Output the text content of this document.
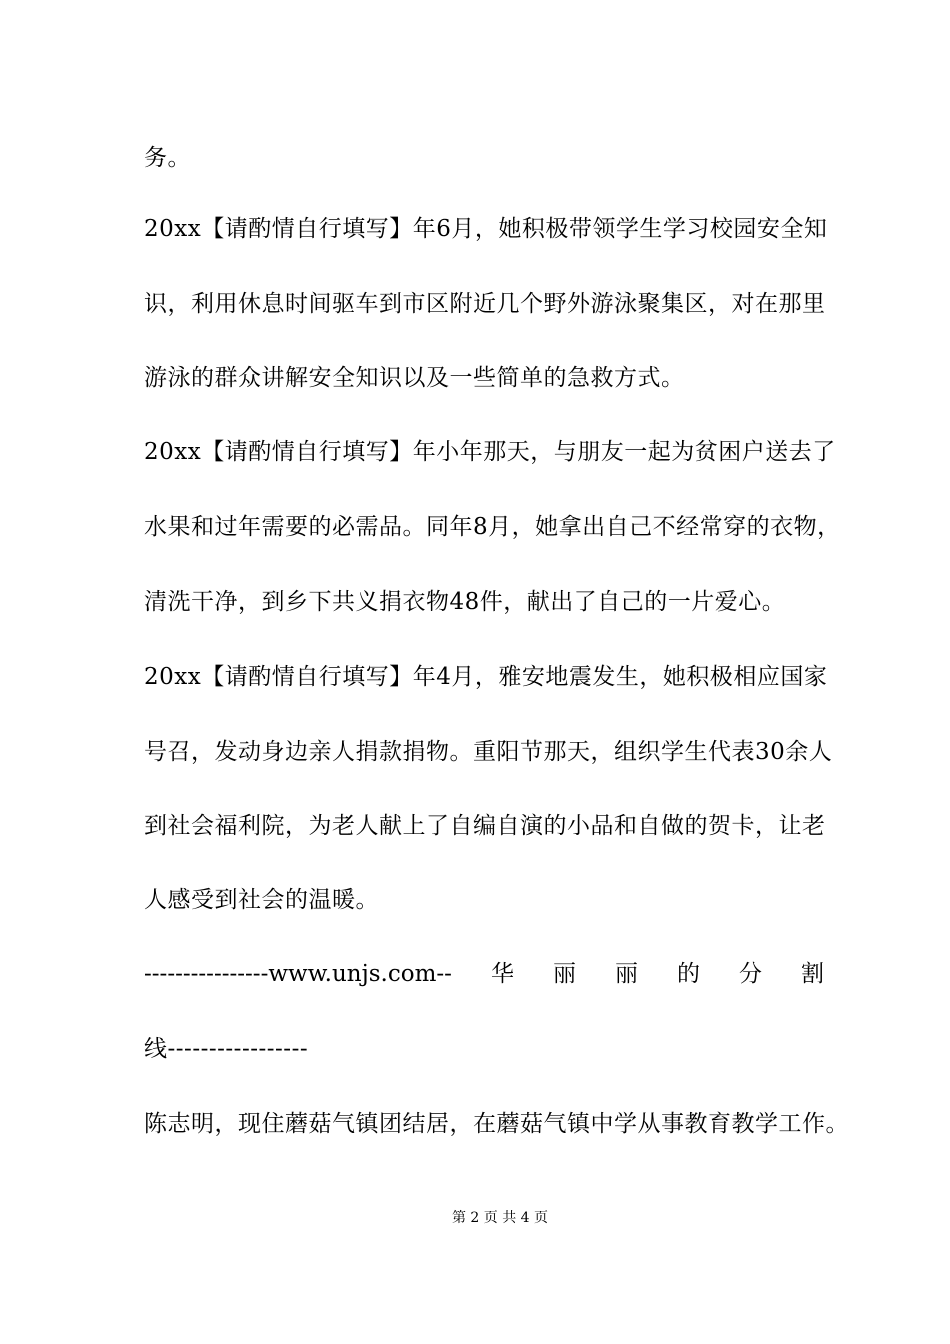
务。
20xx【请酌情自行填写】年6月，她积极带领学生学习校园安全知
识，利用休息时间驱车到市区附近几个野外游泳聚集区，对在那里
游泳的群众讲解安全知识以及一些简单的急救方式。
20xx【请酌情自行填写】年小年那天，与朋友一起为贫困户送去了
水果和过年需要的必需品。同年8月，她拿出自己不经常穿的衣物，
清洗干净，到乡下共义捐衣物48件，献出了自己的一片爱心。
20xx【请酌情自行填写】年4月，雅安地震发生，她积极相应国家
号召，发动身边亲人捐款捐物。重阳节那天，组织学生代表30余人
到社会福利院，为老人献上了自编自演的小品和自做的贺卡，让老
人感受到社会的温暖。
----------------www.unjs.com-- 华 丽 丽 的 分 割
线-----------------
陈志明，现住蘑菇气镇团结居，在蘑菇气镇中学从事教育教学工作。
第 2 页 共 4 页
